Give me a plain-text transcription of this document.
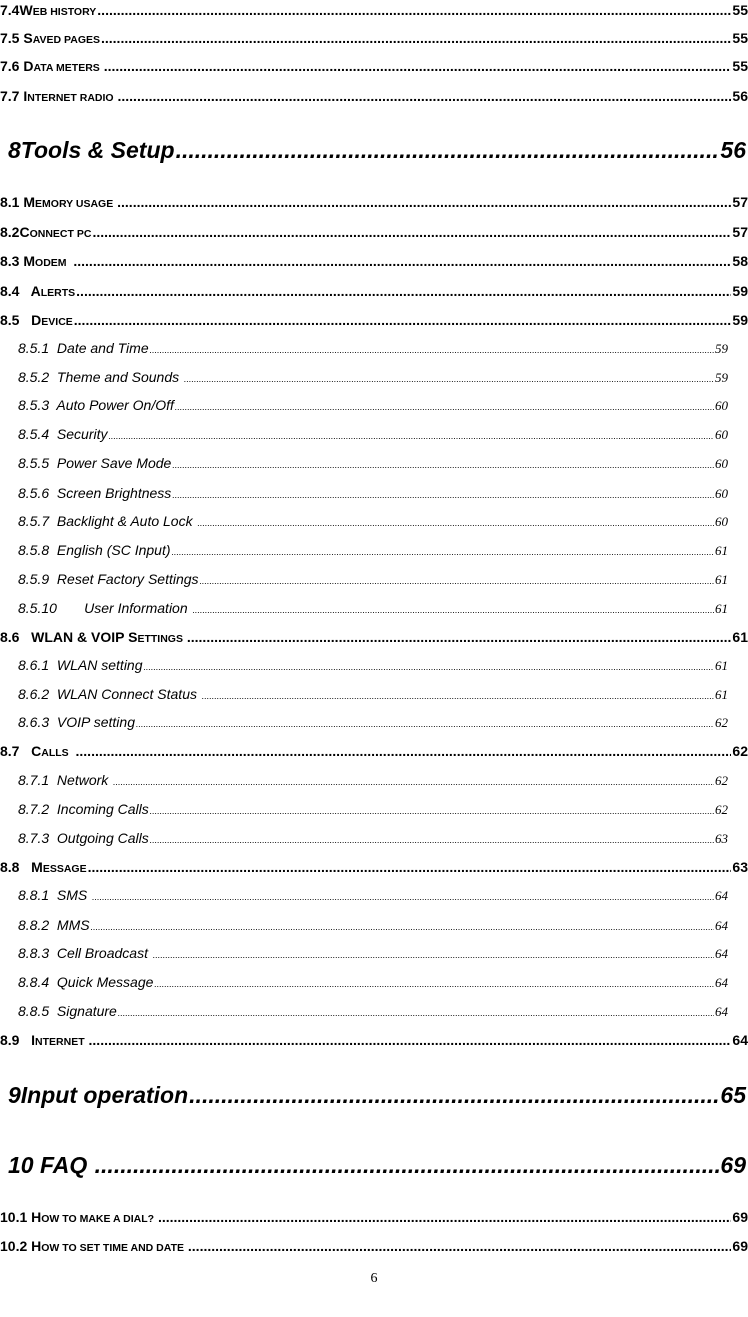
7.4WEB HISTORY .....	55
7.5 SAVED PAGES .....	55
7.6 DATA METERS .....	55
7.7 INTERNET RADIO .....	56
8Tools & Setup .....	56
8.1 MEMORY USAGE .....	57
8.2CONNECT PC .....	57
8.3 MODEM .....	58
8.4   ALERTS .....	59
8.5   DEVICE .....	59
8.5.1  Date and Time .....	59
8.5.2  Theme and Sounds .....	59
8.5.3  Auto Power On/Off .....	60
8.5.4  Security .....	60
8.5.5  Power Save Mode .....	60
8.5.6  Screen Brightness .....	60
8.5.7  Backlight & Auto Lock .....	60
8.5.8  English (SC Input) .....	61
8.5.9  Reset Factory Settings .....	61
8.5.10       User Information .....	61
8.6   WLAN & VOIP SETTINGS .....	61
8.6.1  WLAN setting .....	61
8.6.2  WLAN Connect Status .....	61
8.6.3  VOIP setting .....	62
8.7   CALLS .....	62
8.7.1  Network .....	62
8.7.2  Incoming Calls .....	62
8.7.3  Outgoing Calls .....	63
8.8   MESSAGE .....	63
8.8.1  SMS .....	64
8.8.2  MMS .....	64
8.8.3  Cell Broadcast .....	64
8.8.4  Quick Message .....	64
8.8.5  Signature .....	64
8.9   INTERNET .....	64
9Input operation .....	65
10 FAQ .....	69
10.1 HOW TO MAKE A DIAL? .....	69
10.2 HOW TO SET TIME AND DATE .....	69
6
